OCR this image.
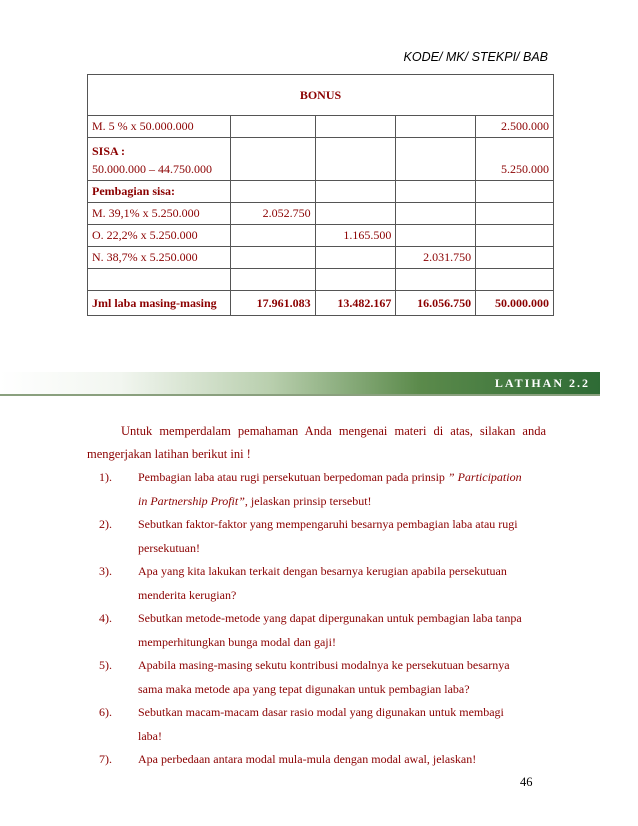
KODE/ MK/ STEKPI/ BAB
BONUS				
M. 5 % x 50.000.000				2.500.000
SISA :				
50.000.000 – 44.750.000				5.250.000
Pembagian sisa:				
M. 39,1% x 5.250.000	2.052.750			
O. 22,2% x 5.250.000		1.165.500		
N. 38,7% x 5.250.000			2.031.750	

Jml laba masing-masing	17.961.083	13.482.167	16.056.750	50.000.000
LATIHAN 2.2
Untuk memperdalam pemahaman Anda mengenai materi di atas, silakan anda
mengerjakan latihan berikut ini !
1). Pembagian laba atau rugi persekutuan berpedoman pada prinsip ” Participation
in Partnership Profit”, jelaskan prinsip tersebut!
2). Sebutkan faktor-faktor yang mempengaruhi besarnya pembagian laba atau rugi
persekutuan!
3). Apa yang kita lakukan terkait dengan besarnya kerugian apabila persekutuan
menderita kerugian?
4). Sebutkan metode-metode yang dapat dipergunakan untuk pembagian laba tanpa
memperhitungkan bunga modal dan gaji!
5). Apabila masing-masing sekutu kontribusi modalnya ke persekutuan besarnya
sama maka metode apa yang tepat digunakan untuk pembagian laba?
6). Sebutkan macam-macam dasar rasio modal yang digunakan untuk membagi
laba!
7). Apa perbedaan antara modal mula-mula dengan modal awal, jelaskan!
46
